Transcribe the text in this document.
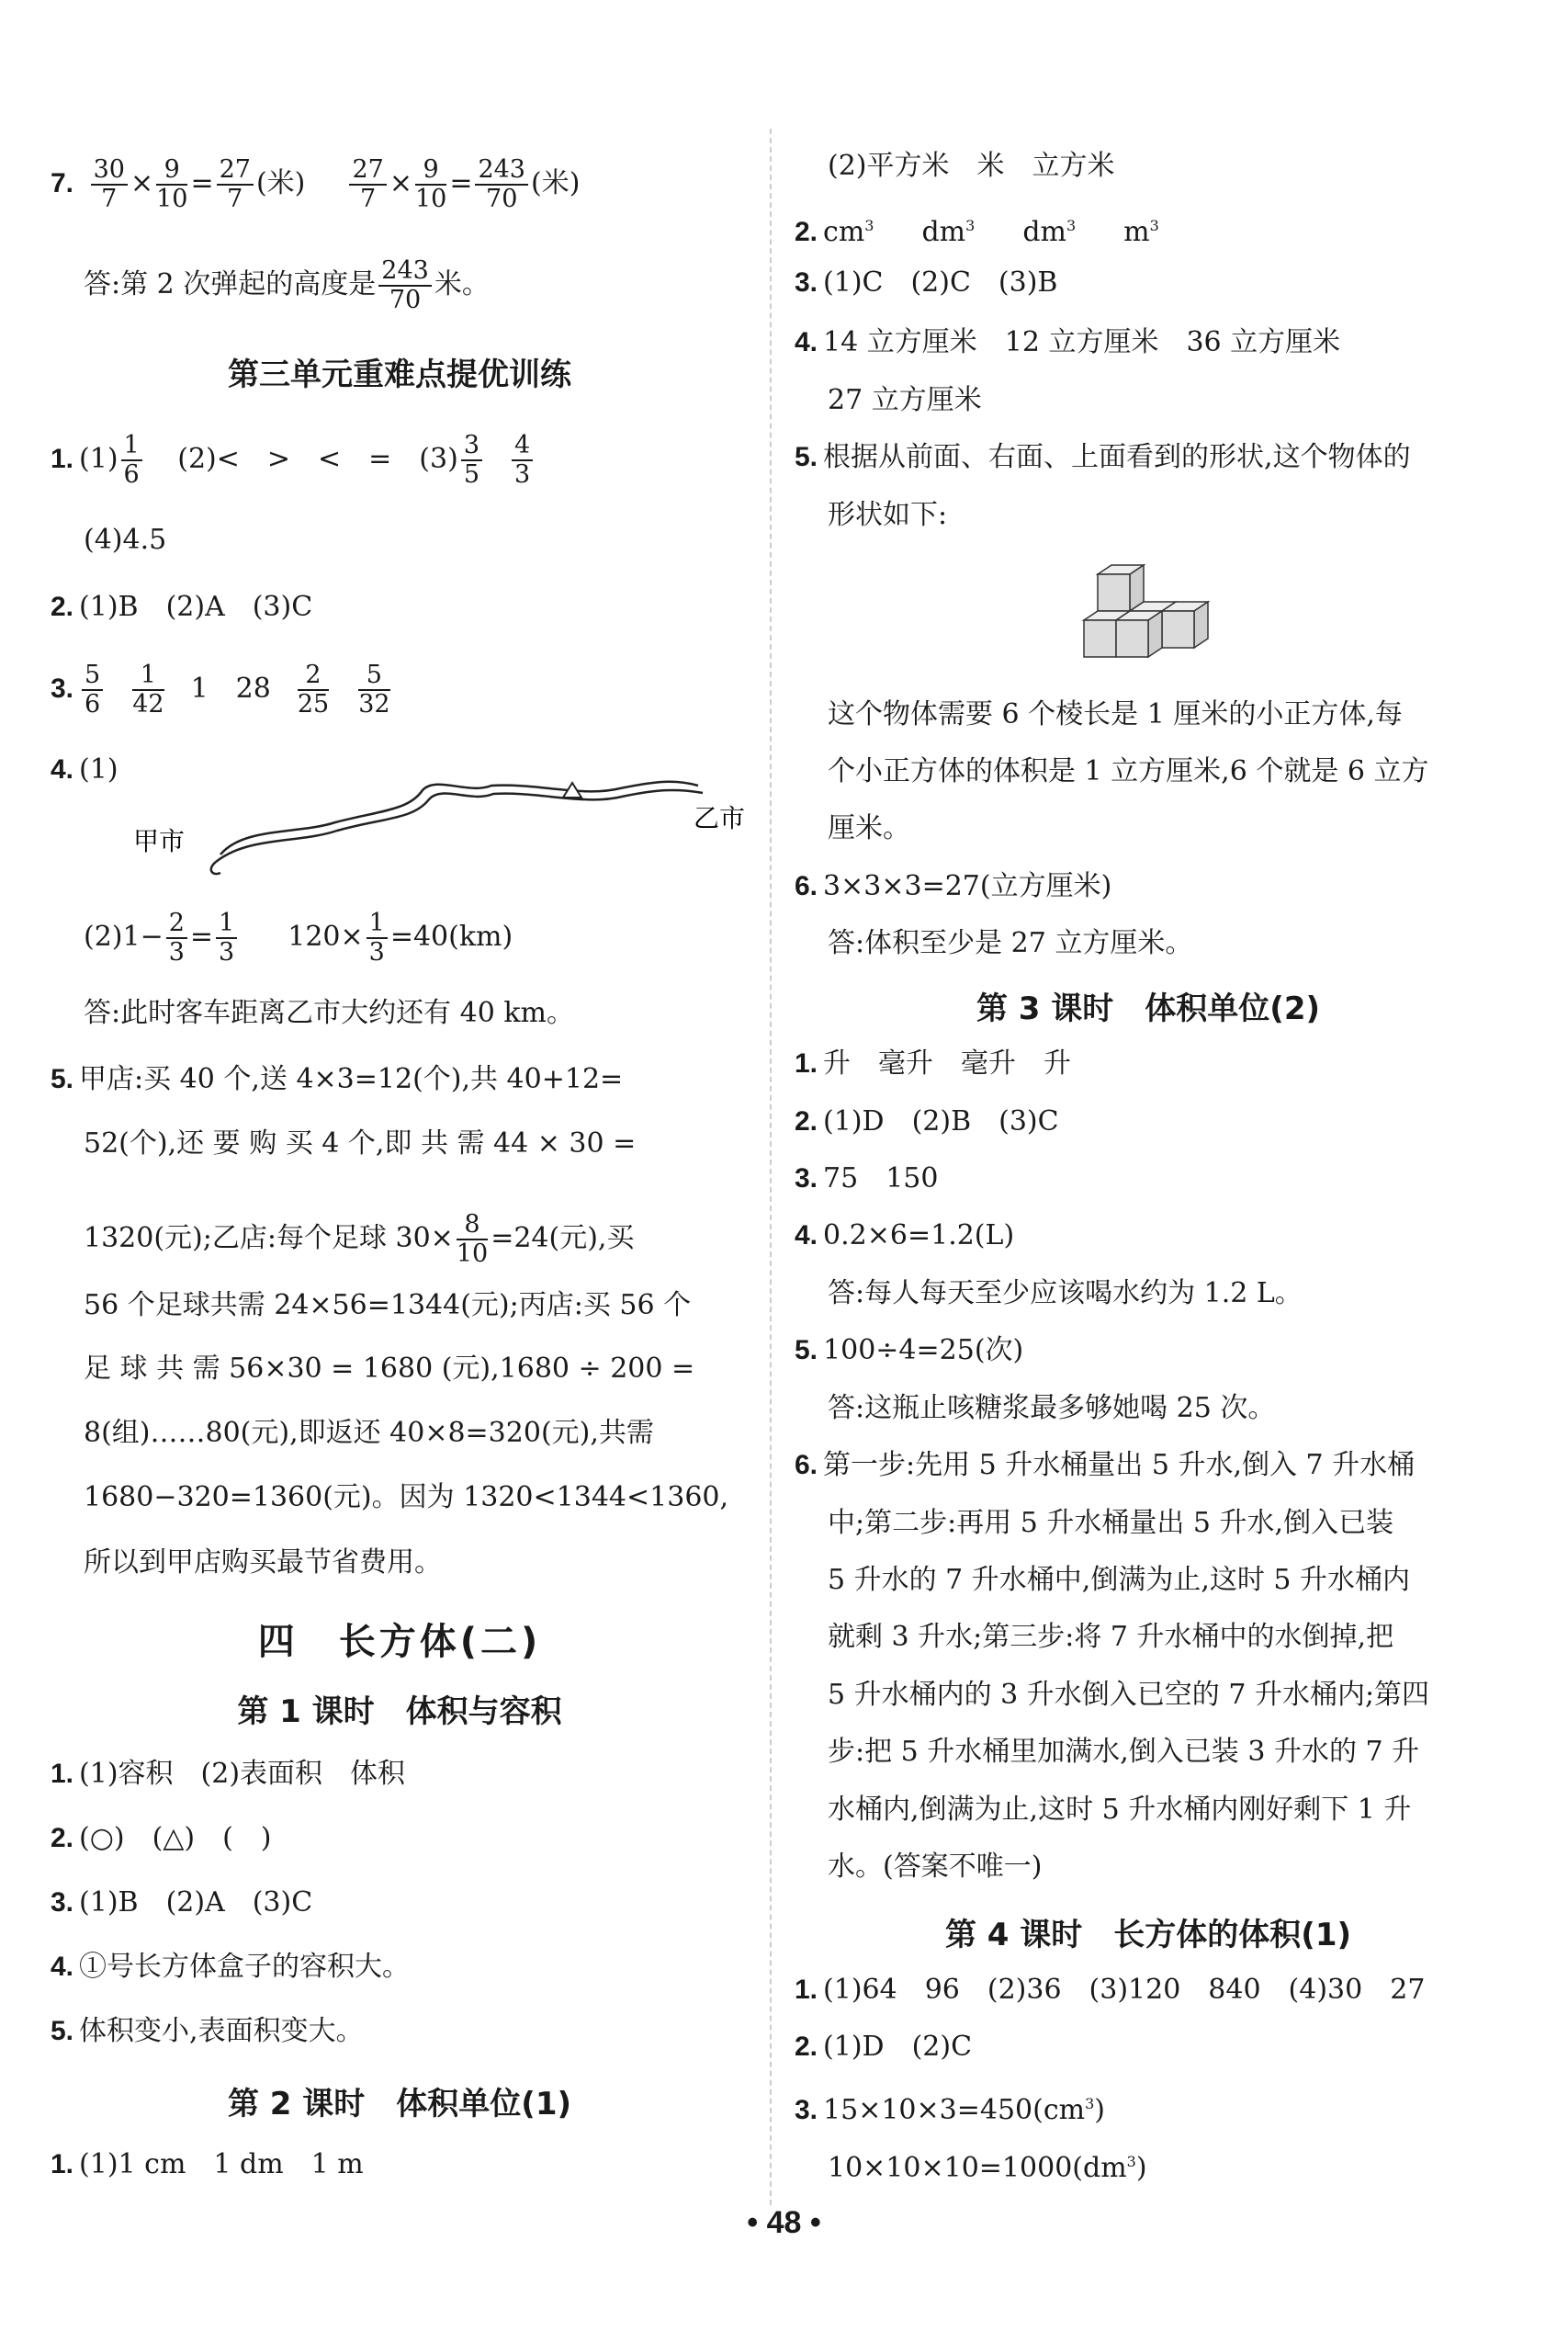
7. $\frac{30}{7} \times \frac{9}{10} = \frac{27}{7}$ (米) $\frac{27}{7} \times \frac{9}{10} = \frac{243}{70}$ (米)
答:第 2 次弹起的高度是 $\frac{243}{70}$ 米。
第三单元重难点提优训练
1. $(1) \frac{1}{6} (2)<$　>　<　=　$(3) \frac{3}{5} \frac{4}{3}$
(4)4.5
2. (1)B　(2)A　(3)C
3. $\frac{5}{6} \frac{1}{42} 1$　$28 \frac{2}{25} \frac{5}{32}$
4. (1)
甲市
乙市
$(2)1- \frac{2}{3} = \frac{1}{3} 120\times \frac{1}{3} =40(km)$
答:此时客车距离乙市大约还有 40 km。
5. 甲店:买 40 个,送 4×3=12(个),共 40+12=
52(个),还 要 购 买 4 个,即 共 需 44 × 30 =
1320(元);乙店:每个足球 $30\times \frac{8}{10} =24$(元),买
56 个足球共需 24×56=1344(元);丙店:买 56 个
足 球 共 需 56×30 = 1680 (元),1680 ÷ 200 =
8(组)……80(元),即返还 40×8=320(元),共需
1680−320=1360(元)。因为 1320<1344<1360,
所以到甲店购买最节省费用。
四　长方体(二)
第 1 课时　体积与容积
1. (1)容积　(2)表面积　体积
2. (○)　(△)　(　)
3. (1)B　(2)A　(3)C
4. ①号长方体盒子的容积大。
5. 体积变小,表面积变大。
第 2 课时　体积单位(1)
1. (1)1 cm　1 dm　1 m
(2)平方米　米　立方米
2. $cm^3$ $dm^3$ $dm^3$ $m^3$
3. (1)C　(2)C　(3)B
4. 14 立方厘米　12 立方厘米　36 立方厘米
27 立方厘米
5. 根据从前面、右面、上面看到的形状,这个物体的
形状如下:
这个物体需要 6 个棱长是 1 厘米的小正方体,每
个小正方体的体积是 1 立方厘米,6 个就是 6 立方
厘米。
6. 3×3×3=27(立方厘米)
答:体积至少是 27 立方厘米。
第 3 课时　体积单位(2)
1. 升　毫升　毫升　升
2. (1)D　(2)B　(3)C
3. 75　150
4. 0.2×6=1.2(L)
答:每人每天至少应该喝水约为 1.2 L。
5. 100÷4=25(次)
答:这瓶止咳糖浆最多够她喝 25 次。
6. 第一步:先用 5 升水桶量出 5 升水,倒入 7 升水桶
中;第二步:再用 5 升水桶量出 5 升水,倒入已装
5 升水的 7 升水桶中,倒满为止,这时 5 升水桶内
就剩 3 升水;第三步:将 7 升水桶中的水倒掉,把
5 升水桶内的 3 升水倒入已空的 7 升水桶内;第四
步:把 5 升水桶里加满水,倒入已装 3 升水的 7 升
水桶内,倒满为止,这时 5 升水桶内刚好剩下 1 升
水。(答案不唯一)
第 4 课时　长方体的体积(1)
1. (1)64　96　(2)36　(3)120　840　(4)30　27
2. (1)D　(2)C
3. $15\times 10\times 3=450(cm^3)$
$10\times 10\times 10=1000(dm^3)$
• 48 •
